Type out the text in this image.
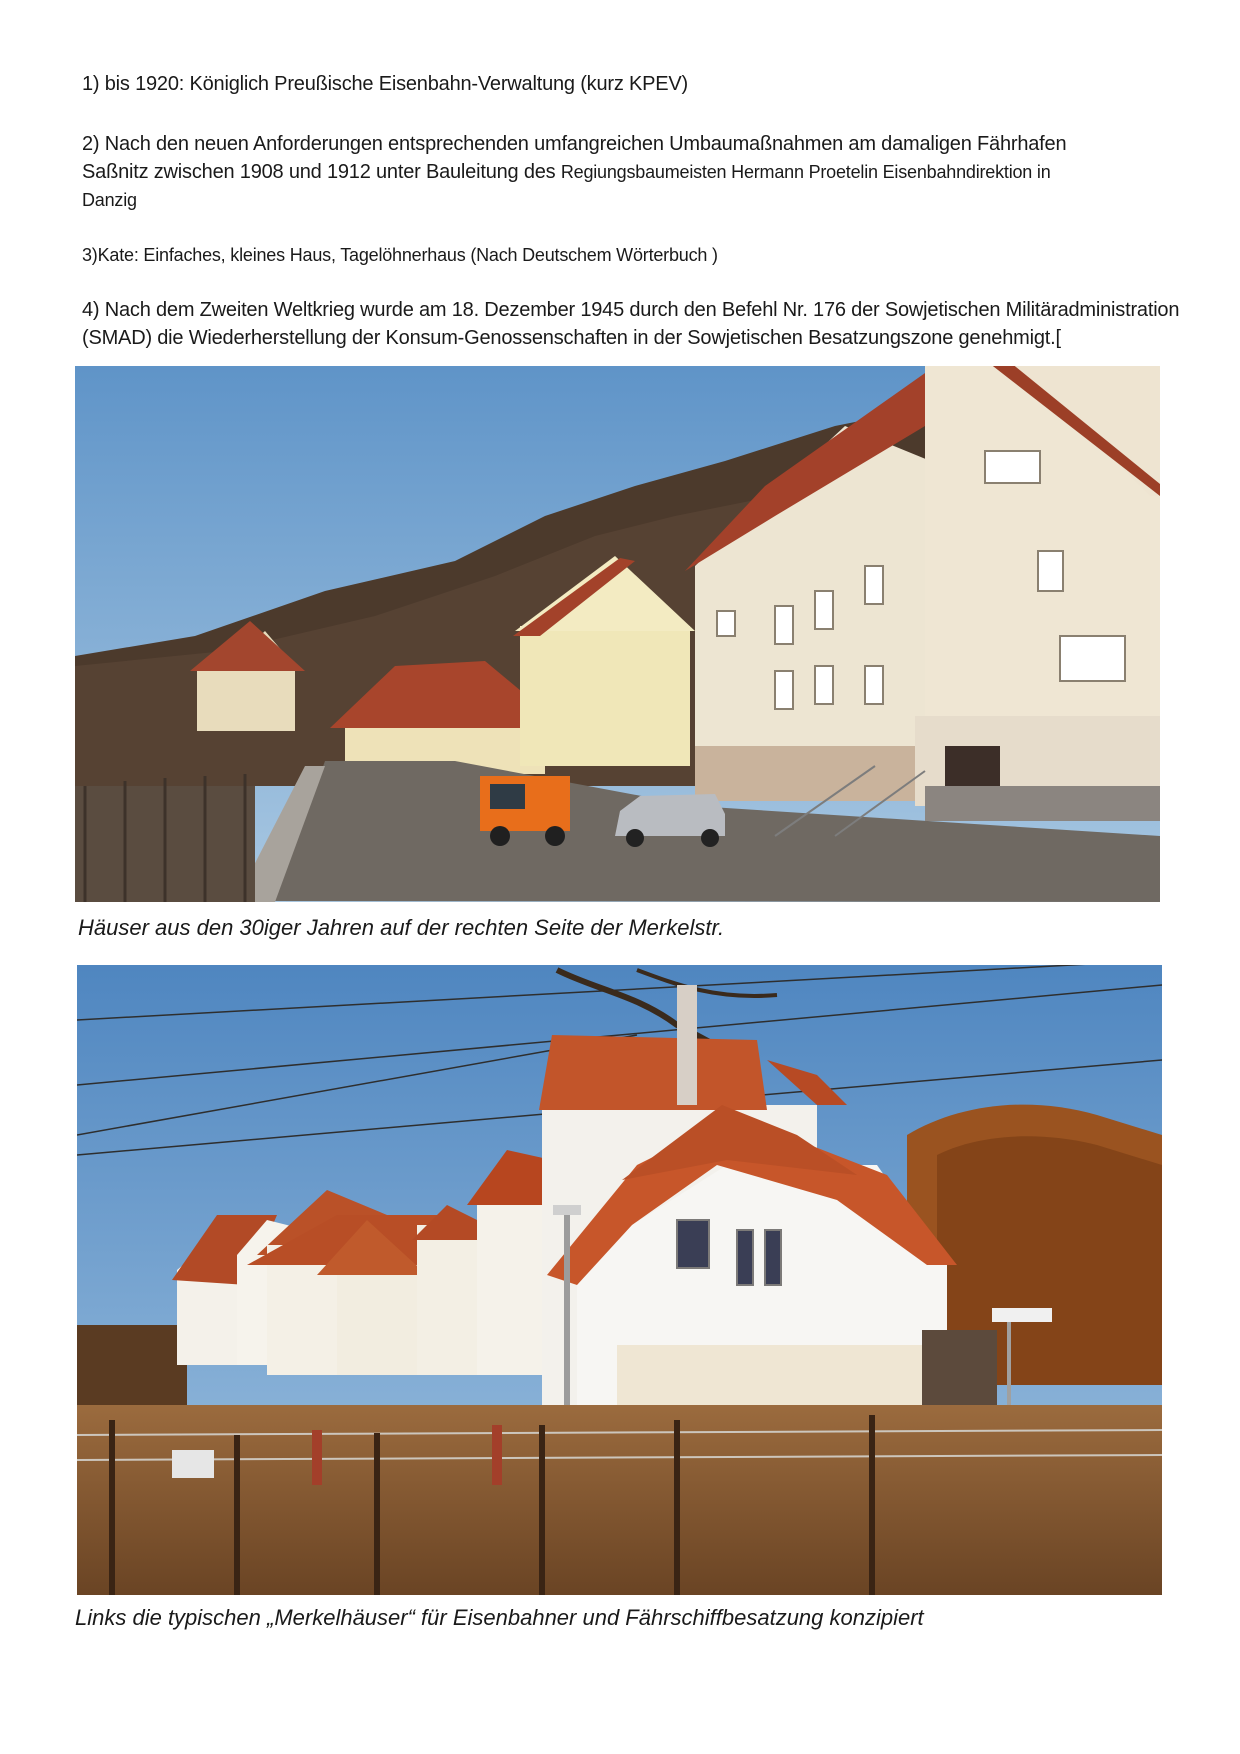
1) bis 1920: Königlich Preußische Eisenbahn-Verwaltung (kurz KPEV)
2) Nach den neuen Anforderungen entsprechenden umfangreichen Umbaumaßnahmen am damaligen Fährhafen
Saßnitz zwischen 1908 und 1912 unter Bauleitung des Regiungsbaumeisten Hermann Proetelin Eisenbahndirektion in
Danzig
3)Kate: Einfaches, kleines Haus, Tagelöhnerhaus (Nach Deutschem Wörterbuch )
4) Nach dem Zweiten Weltkrieg wurde am 18. Dezember 1945 durch den Befehl Nr. 176 der Sowjetischen Militäradministration
(SMAD) die Wiederherstellung der Konsum-Genossenschaften in der Sowjetischen Besatzungszone genehmigt.[
Häuser aus den 30iger Jahren auf der rechten Seite der Merkelstr.
Links die typischen „Merkelhäuser“ für Eisenbahner und Fährschiffbesatzung konzipiert
